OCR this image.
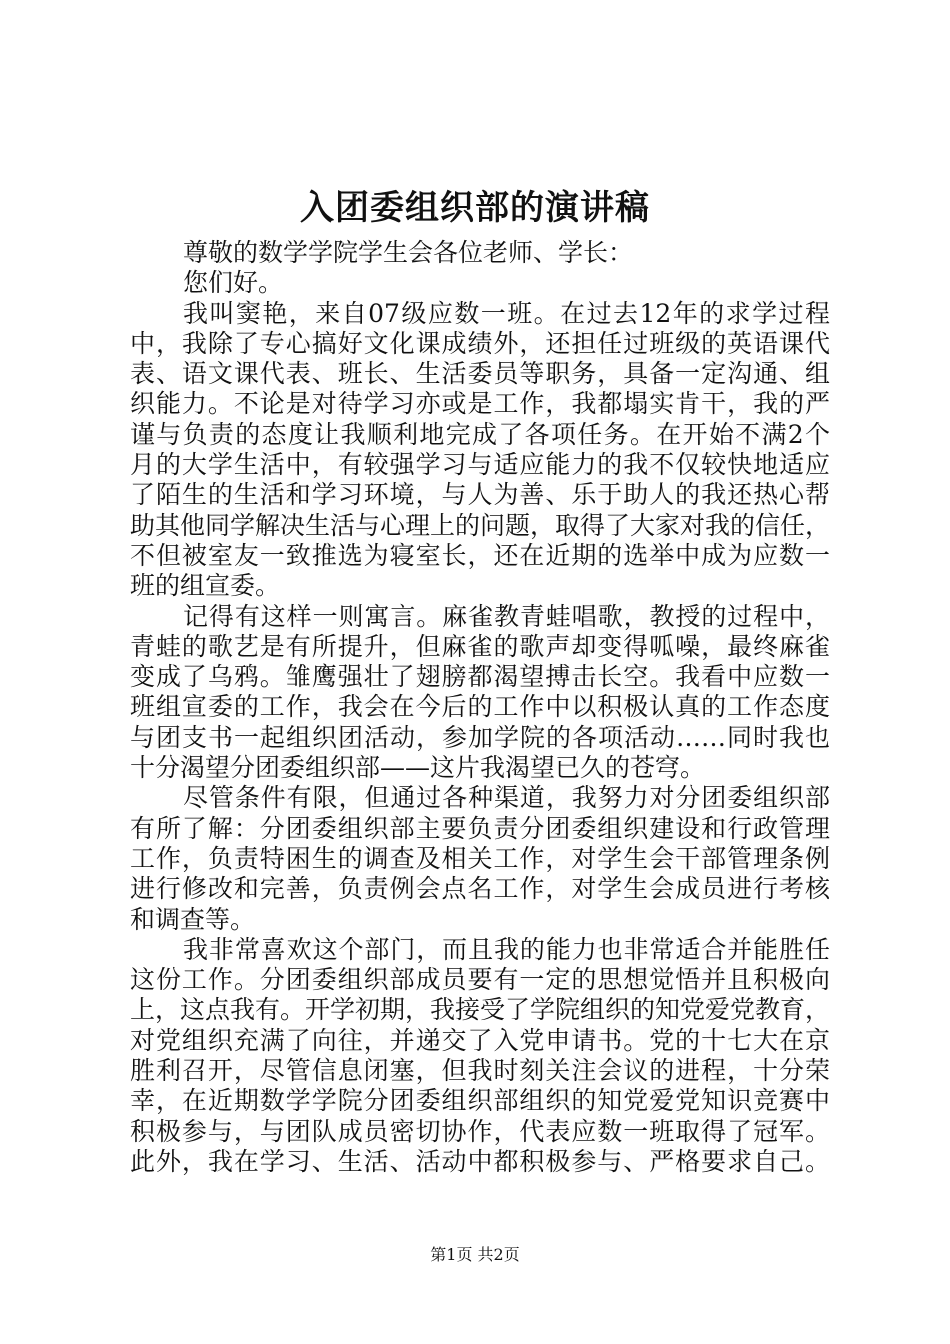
入团委组织部的演讲稿
尊敬的数学学院学生会各位老师、学长：
您们好。
我叫窦艳，来自07级应数一班。在过去12年的求学过程
中，我除了专心搞好文化课成绩外，还担任过班级的英语课代
表、语文课代表、班长、生活委员等职务，具备一定沟通、组
织能力。不论是对待学习亦或是工作，我都塌实肯干，我的严
谨与负责的态度让我顺利地完成了各项任务。在开始不满2个
月的大学生活中，有较强学习与适应能力的我不仅较快地适应
了陌生的生活和学习环境，与人为善、乐于助人的我还热心帮
助其他同学解决生活与心理上的问题，取得了大家对我的信任，
不但被室友一致推选为寝室长，还在近期的选举中成为应数一
班的组宣委。
记得有这样一则寓言。麻雀教青蛙唱歌，教授的过程中，
青蛙的歌艺是有所提升，但麻雀的歌声却变得呱噪，最终麻雀
变成了乌鸦。雏鹰强壮了翅膀都渴望搏击长空。我看中应数一
班组宣委的工作，我会在今后的工作中以积极认真的工作态度
与团支书一起组织团活动，参加学院的各项活动……同时我也
十分渴望分团委组织部——这片我渴望已久的苍穹。
尽管条件有限，但通过各种渠道，我努力对分团委组织部
有所了解：分团委组织部主要负责分团委组织建设和行政管理
工作，负责特困生的调查及相关工作，对学生会干部管理条例
进行修改和完善，负责例会点名工作，对学生会成员进行考核
和调查等。
我非常喜欢这个部门，而且我的能力也非常适合并能胜任
这份工作。分团委组织部成员要有一定的思想觉悟并且积极向
上，这点我有。开学初期，我接受了学院组织的知党爱党教育，
对党组织充满了向往，并递交了入党申请书。党的十七大在京
胜利召开，尽管信息闭塞，但我时刻关注会议的进程，十分荣
幸，在近期数学学院分团委组织部组织的知党爱党知识竞赛中
积极参与，与团队成员密切协作，代表应数一班取得了冠军。
此外，我在学习、生活、活动中都积极参与、严格要求自己。
第1页 共2页
